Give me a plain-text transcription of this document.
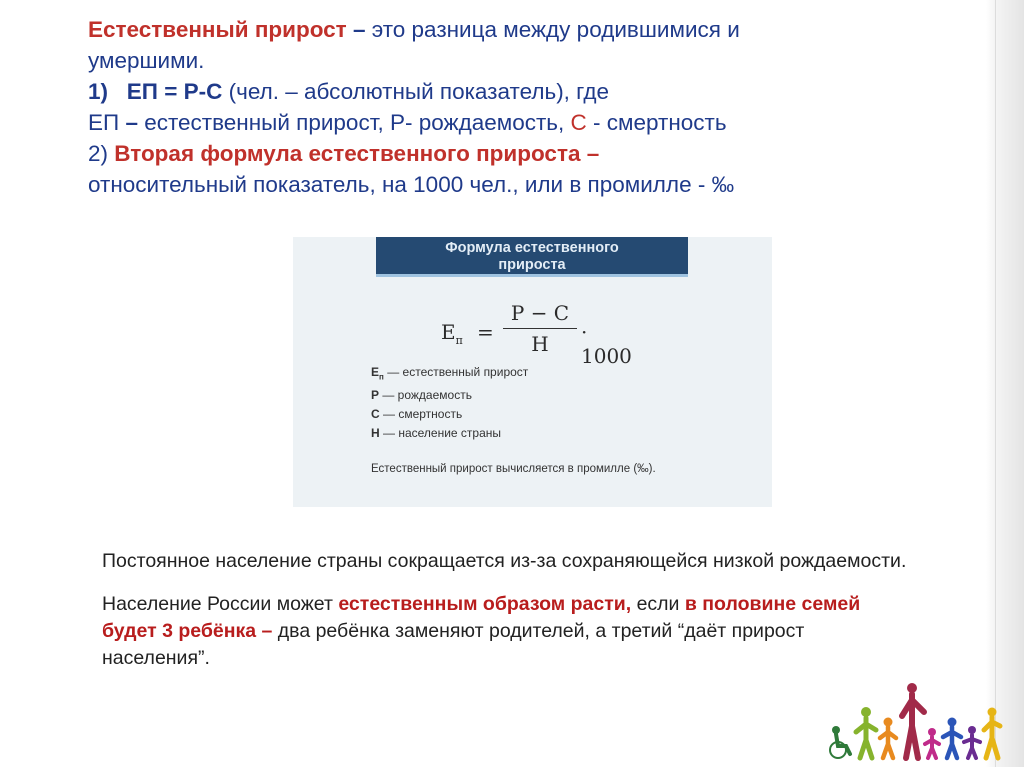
Естественный прирост – это разница между родившимися и

умершими.

1)   ЕП = Р-С (чел. – абсолютный показатель), где

ЕП – естественный прирост, Р- рождаемость, С - смертность

2) Вторая формула естественного прироста –

относительный показатель, на 1000 чел., или в промилле - ‰

Формула естественного
прироста
$Е_п$ =
Р − С
Н	· 1000
$Е_п$ — естественный прирост
Р — рождаемость
С — смертность
Н — население страны
Естественный прирост вычисляется в промилле (‰).

Постоянное население страны сокращается из-за сохраняющейся низкой рождаемости.

Население России может естественным образом расти, если в половине семей будет 3 ребёнка – два ребёнка заменяют родителей, а третий “даёт прирост населения”.
